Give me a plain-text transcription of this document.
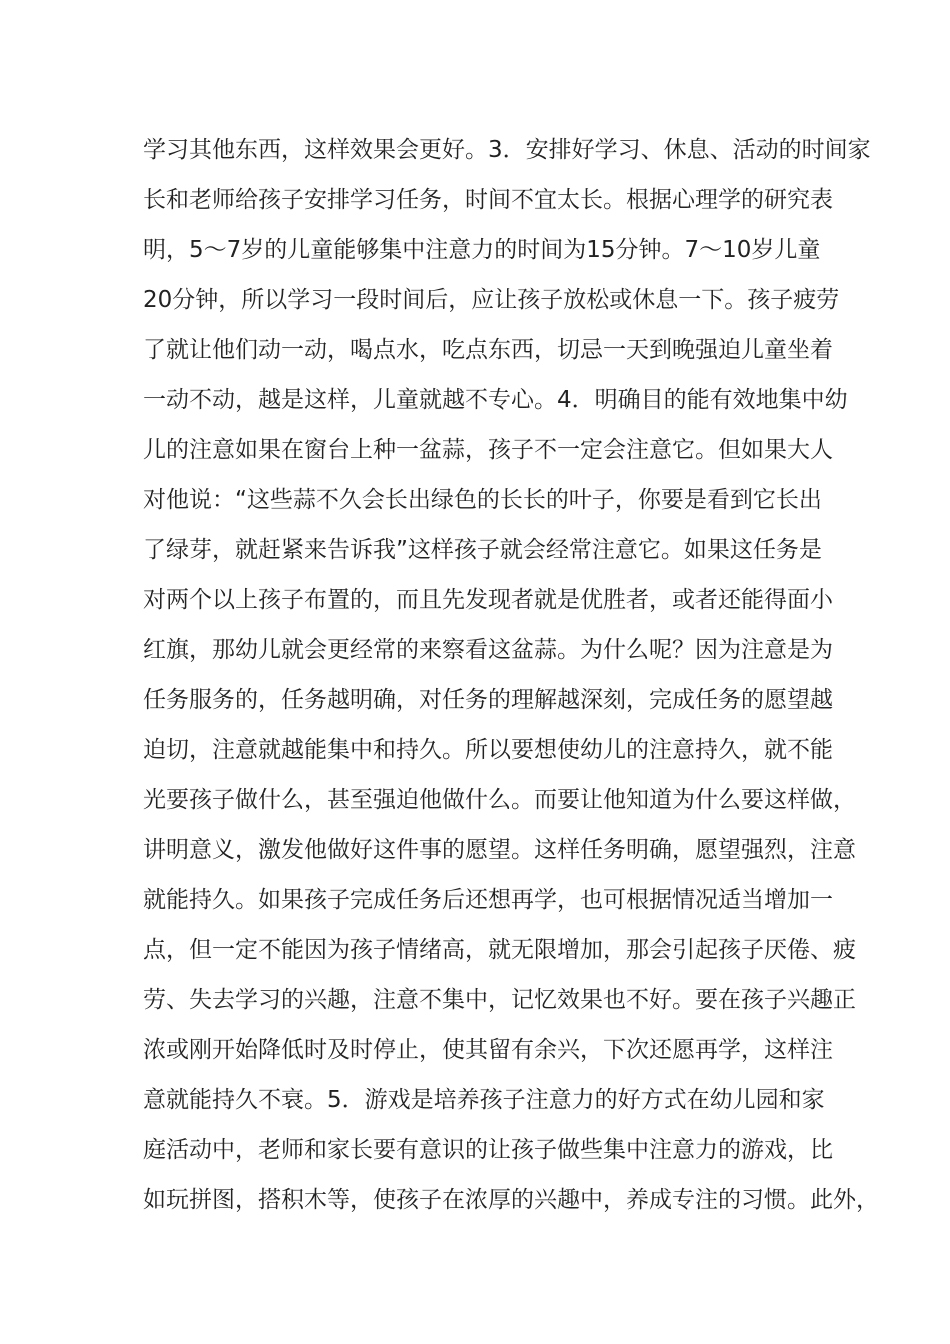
学习其他东西，这样效果会更好。3．安排好学习、休息、活动的时间家
长和老师给孩子安排学习任务，时间不宜太长。根据心理学的研究表
明，5～7岁的儿童能够集中注意力的时间为15分钟。7～10岁儿童
20分钟，所以学习一段时间后，应让孩子放松或休息一下。孩子疲劳
了就让他们动一动，喝点水，吃点东西，切忌一天到晚强迫儿童坐着
一动不动，越是这样，儿童就越不专心。4．明确目的能有效地集中幼
儿的注意如果在窗台上种一盆蒜，孩子不一定会注意它。但如果大人
对他说：“这些蒜不久会长出绿色的长长的叶子，你要是看到它长出
了绿芽，就赶紧来告诉我”这样孩子就会经常注意它。如果这任务是
对两个以上孩子布置的，而且先发现者就是优胜者，或者还能得面小
红旗，那幼儿就会更经常的来察看这盆蒜。为什么呢？因为注意是为
任务服务的，任务越明确，对任务的理解越深刻，完成任务的愿望越
迫切，注意就越能集中和持久。所以要想使幼儿的注意持久，就不能
光要孩子做什么，甚至强迫他做什么。而要让他知道为什么要这样做，
讲明意义，激发他做好这件事的愿望。这样任务明确，愿望强烈，注意
就能持久。如果孩子完成任务后还想再学，也可根据情况适当增加一
点，但一定不能因为孩子情绪高，就无限增加，那会引起孩子厌倦、疲
劳、失去学习的兴趣，注意不集中，记忆效果也不好。要在孩子兴趣正
浓或刚开始降低时及时停止，使其留有余兴，下次还愿再学，这样注
意就能持久不衰。5．游戏是培养孩子注意力的好方式在幼儿园和家
庭活动中，老师和家长要有意识的让孩子做些集中注意力的游戏，比
如玩拼图，搭积木等，使孩子在浓厚的兴趣中，养成专注的习惯。此外，
